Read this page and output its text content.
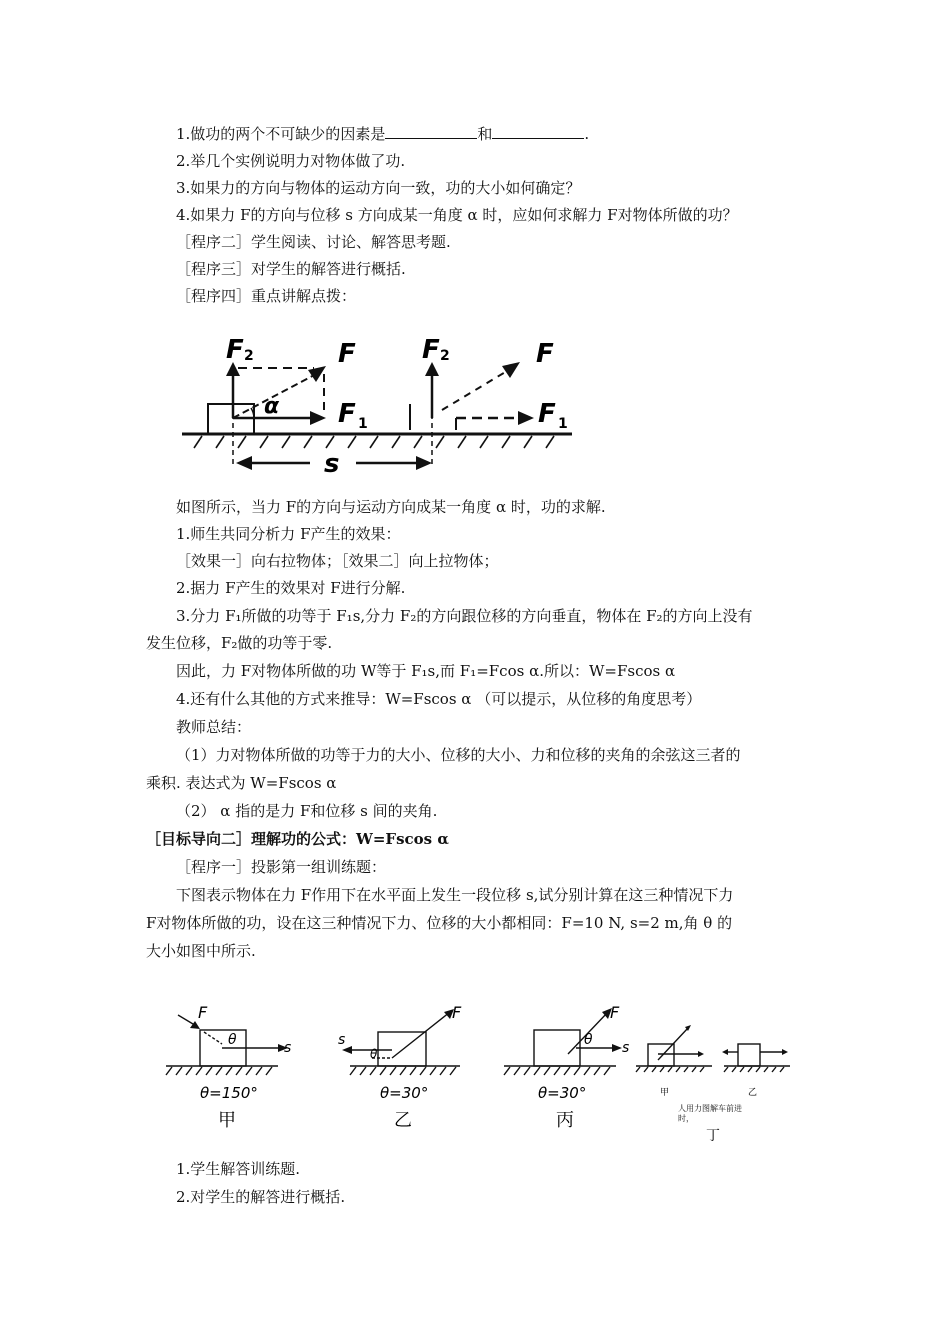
1.做功的两个不可缺少的因素是	和	.
2.举几个实例说明力对物体做了功.
3.如果力的方向与物体的运动方向一致，功的大小如何确定？
4.如果力 F的方向与位移 s 方向成某一角度 α 时，应如何求解力 F对物体所做的功？
［程序二］学生阅读、讨论、解答思考题.
［程序三］对学生的解答进行概括.
［程序四］重点讲解点拨：
α
F 2	F
F 1
F 2	F
F 1
s
如图所示，当力 F的方向与运动方向成某一角度 α 时，功的求解.
1.师生共同分析力 F产生的效果：
［效果一］向右拉物体；［效果二］向上拉物体；
2.据力 F产生的效果对 F进行分解.
3.分力 F₁所做的功等于 F₁s,分力 F₂的方向跟位移的方向垂直，物体在 F₂的方向上没有
发生位移，F₂做的功等于零.
因此，力 F对物体所做的功 W等于 F₁s,而 F₁=Fcos α.所以：W=Fscos α
4.还有什么其他的方式来推导：W=Fscos α （可以提示，从位移的角度思考）
教师总结：
（1）力对物体所做的功等于力的大小、位移的大小、力和位移的夹角的余弦这三者的
乘积. 表达式为 W=Fscos α
（2） α 指的是力 F和位移 s 间的夹角.
［目标导向二］理解功的公式：W=Fscos α
［程序一］投影第一组训练题：
下图表示物体在力 F作用下在水平面上发生一段位移 s,试分别计算在这三种情况下力
F对物体所做的功，设在这三种情况下力、位移的大小都相同：F=10 N, s=2 m,角 θ 的
大小如图中所示.
F
s
θ
θ=150°
甲
F
s
θ
θ=30°
乙
F
s
θ
θ=30°
丙
甲	乙
丁
人用力图解车前进
时，
1.学生解答训练题.
2.对学生的解答进行概括.
